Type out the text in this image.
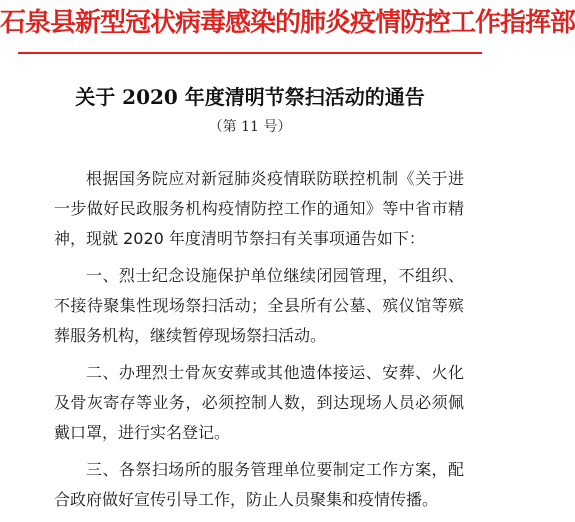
石泉县新型冠状病毒感染的肺炎疫情防控工作指挥部
关于 2020 年度清明节祭扫活动的通告
（第 11 号）

根据国务院应对新冠肺炎疫情联防联控机制《关于进一步做好民政服务机构疫情防控工作的通知》等中省市精神，现就 2020 年度清明节祭扫有关事项通告如下：

一、烈士纪念设施保护单位继续闭园管理，不组织、不接待聚集性现场祭扫活动；全县所有公墓、殡仪馆等殡葬服务机构，继续暂停现场祭扫活动。

二、办理烈士骨灰安葬或其他遗体接运、安葬、火化及骨灰寄存等业务，必须控制人数，到达现场人员必须佩戴口罩，进行实名登记。

三、各祭扫场所的服务管理单位要制定工作方案，配合政府做好宣传引导工作，防止人员聚集和疫情传播。
